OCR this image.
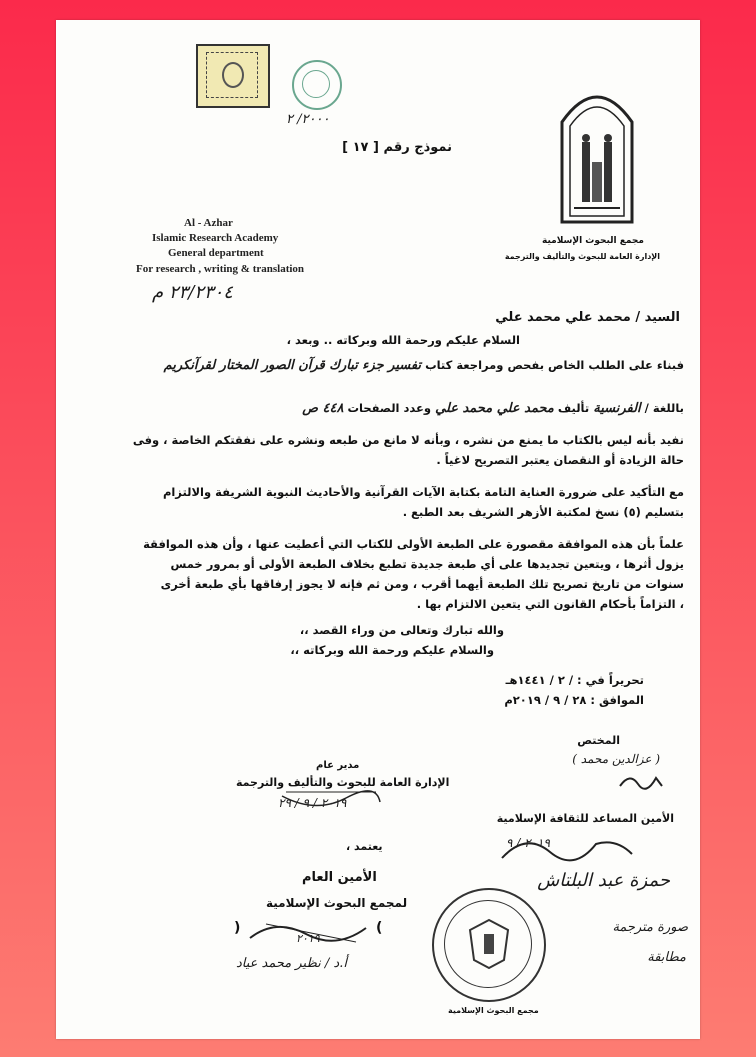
٢٠٠٠/ ٢
نموذج رقم [ ١٧ ]
مجمع البحوث الإسلامية
الإدارة العامة للبحوث والتأليف والترجمة
Al - Azhar
Islamic Research Academy
General department
For research , writing & translation
٢٣/٢٣٠٤ م
السيد / محمد علي محمد علي
السلام عليكم ورحمة الله وبركاته .. وبعد ،
فبناء على الطلب الخاص بفحص ومراجعة كتاب تفسير جزء تبارك قرآن الصور المختار لقرآنكريم
باللغة / الفرنسية تأليف محمد علي محمد علي وعدد الصفحات ٤٤٨ ص
نفيد بأنه ليس بالكتاب ما يمنع من نشره ، وبأنه لا مانع من طبعه ونشره على نفقتكم الخاصة ، وفى
حالة الزيادة أو النقصان يعتبر التصريح لاغياً .
مع التأكيد على ضرورة العناية التامة بكتابة الآيات القرآنية والأحاديث النبوية الشريفة والالتزام
بتسليم (٥) نسخ لمكتبة الأزهر الشريف بعد الطبع .
علماً بأن هذه الموافقة مقصورة على الطبعة الأولى للكتاب التي أعطيت عنها ، وأن هذه الموافقة
يزول أثرها ، ويتعين تجديدها على أي طبعة جديدة تطبع بخلاف الطبعة الأولى أو بمرور خمس
سنوات من تاريخ تصريح تلك الطبعة أيهما أقرب ، ومن ثم فإنه لا يجوز إرفاقها بأي طبعة أخرى
، التزاماً بأحكام القانون التي يتعين الالتزام بها .
والله تبارك وتعالى من وراء القصد ،،
والسلام عليكم ورحمة الله وبركاته ،،
تحريراً في : / ٢ / ١٤٤١هـ
الموافق : ٢٨ / ٩ / ٢٠١٩م
المختص
( عزالدين محمد )
مدير عام
الإدارة العامة للبحوث والتأليف والترجمة
٢٠١٩ / ٩ / ٢٩
الأمين المساعد للثقافة الإسلامية
٢٠١٩ / ٩
حمزة عبد البلتاش
يعتمد ،
الأمين العام
لمجمع البحوث الإسلامية
(	)
٢٠١٩
أ.د / نظير محمد عياد
مجمع البحوث الإسلامية
صورة مترجمة
مطابقة
